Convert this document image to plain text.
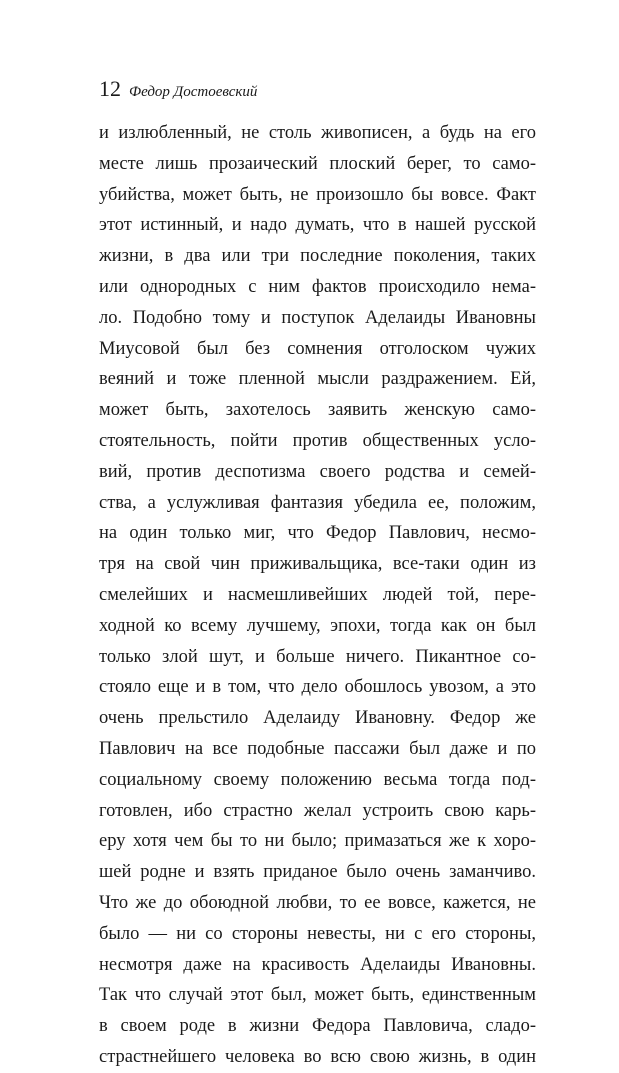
12 Федор Достоевский
и излюбленный, не столь живописен, а будь на его
месте лишь прозаический плоский берег, то само-
убийства, может быть, не произошло бы вовсе. Факт
этот истинный, и надо думать, что в нашей русской
жизни, в два или три последние поколения, таких
или однородных с ним фактов происходило нема-
ло. Подобно тому и поступок Аделаиды Ивановны
Миусовой был без сомнения отголоском чужих
веяний и тоже пленной мысли раздражением. Ей,
может быть, захотелось заявить женскую само-
стоятельность, пойти против общественных усло-
вий, против деспотизма своего родства и семей-
ства, а услужливая фантазия убедила ее, положим,
на один только миг, что Федор Павлович, несмо-
тря на свой чин приживальщика, все-таки один из
смелейших и насмешливейших людей той, пере-
ходной ко всему лучшему, эпохи, тогда как он был
только злой шут, и больше ничего. Пикантное со-
стояло еще и в том, что дело обошлось увозом, а это
очень прельстило Аделаиду Ивановну. Федор же
Павлович на все подобные пассажи был даже и по
социальному своему положению весьма тогда под-
готовлен, ибо страстно желал устроить свою карь-
еру хотя чем бы то ни было; примазаться же к хоро-
шей родне и взять приданое было очень заманчиво.
Что же до обоюдной любви, то ее вовсе, кажется, не
было — ни со стороны невесты, ни с его стороны,
несмотря даже на красивость Аделаиды Ивановны.
Так что случай этот был, может быть, единственным
в своем роде в жизни Федора Павловича, сладо-
страстнейшего человека во всю свою жизнь, в один
